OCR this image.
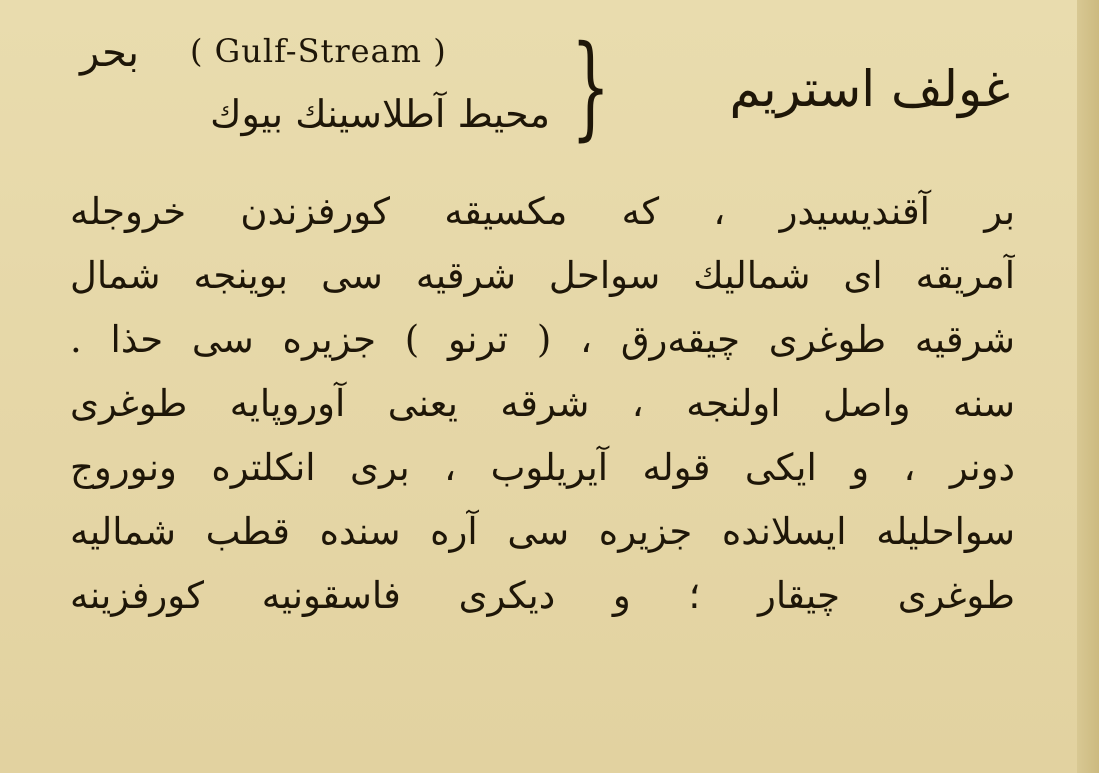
( Gulf-Stream )
بحر
محيط آطلاسينك بيوك } غولف استريم
بر آقنديسيدر ، كه مكسيقه كورفزندن خروجله
آمريقه ای شماليك سواحل شرقيه سی بوينجه شمال
شرقيه طوغری چيقه‌رق ، ( ترنو ) جزيره سی حذا .
سنه واصل اولنجه ، شرقه يعنی آوروپايه طوغری
دونر ، و ايكی قوله آيريلوب ، بری انكلتره ونوروج
سواحليله ايسلانده جزيره سی آره سنده قطب شماليه
طوغری چيقار ؛ و ديكری فاسقونيه كورفزينه
